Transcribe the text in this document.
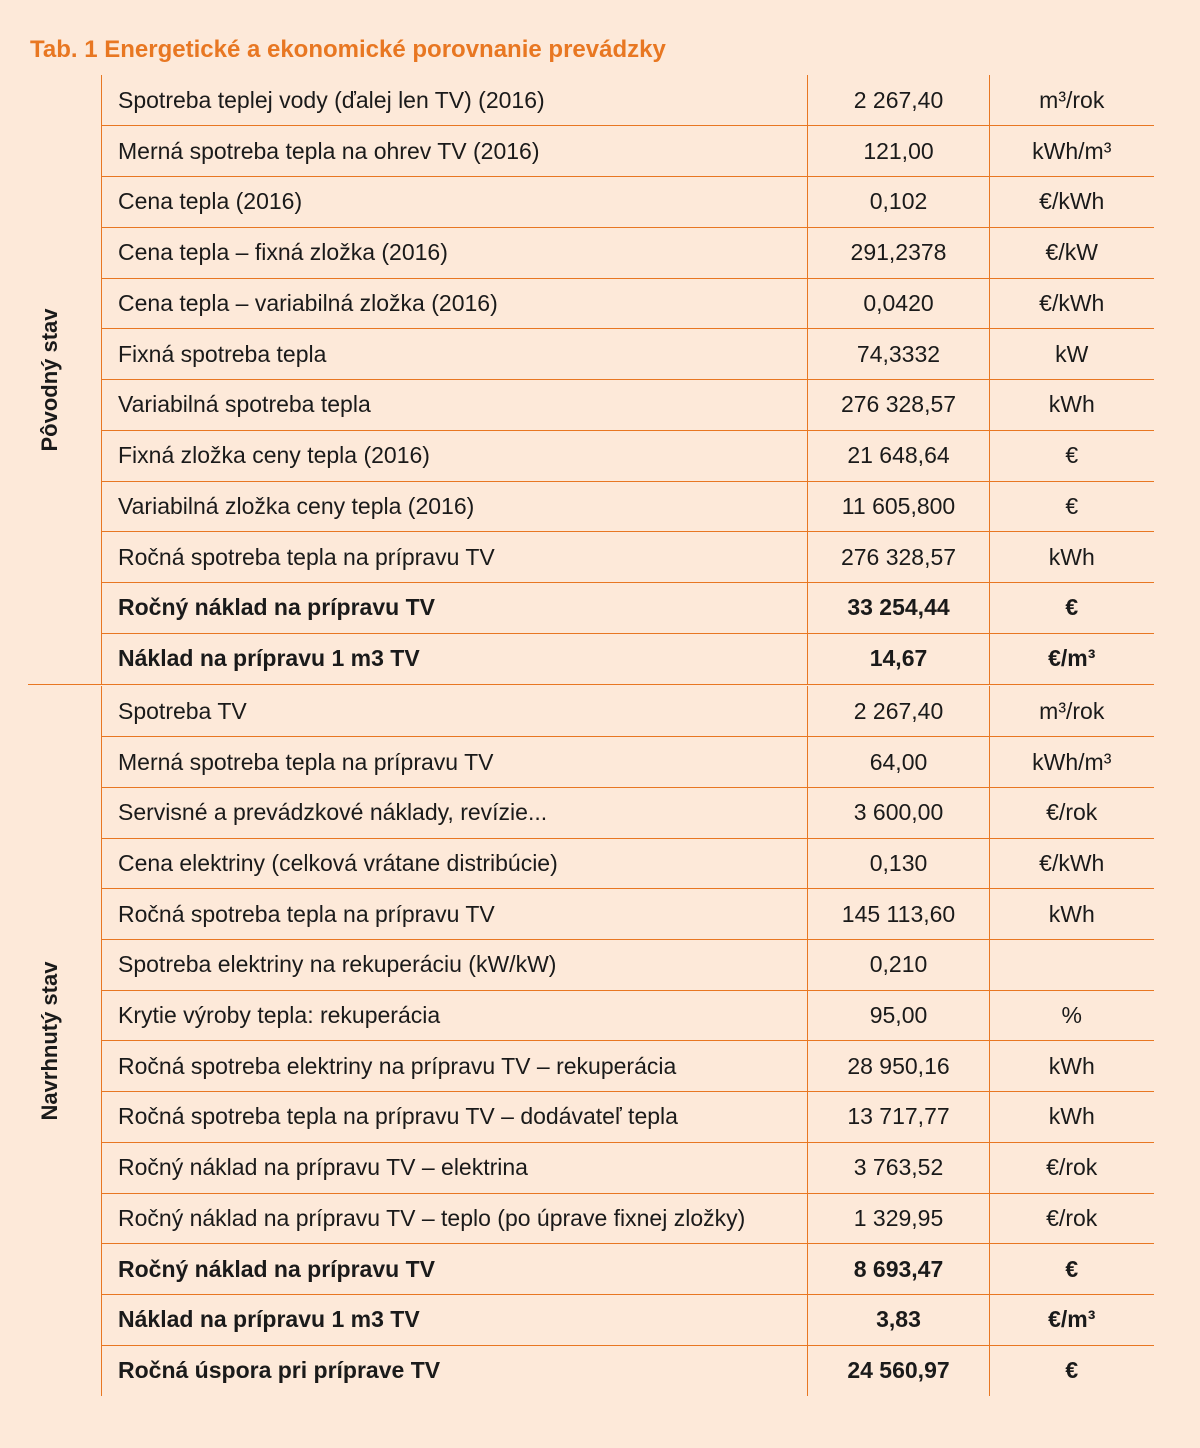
Tab. 1 Energetické a ekonomické porovnanie prevádzky
Pôvodný stav
Spotreba teplej vody (ďalej len TV) (2016)	2 267,40	m³/rok
Merná spotreba tepla na ohrev TV (2016)	121,00	kWh/m³
Cena tepla (2016)	0,102	€/kWh
Cena tepla – fixná zložka (2016)	291,2378	€/kW
Cena tepla – variabilná zložka (2016)	0,0420	€/kWh
Fixná spotreba tepla	74,3332	kW
Variabilná spotreba tepla	276 328,57	kWh
Fixná zložka ceny tepla (2016)	21 648,64	€
Variabilná zložka ceny tepla (2016)	11 605,800	€
Ročná spotreba tepla na prípravu TV	276 328,57	kWh
Ročný náklad na prípravu TV	33 254,44	€
Náklad na prípravu 1 m3 TV	14,67	€/m³
Navrhnutý stav
Spotreba TV	2 267,40	m³/rok
Merná spotreba tepla na prípravu TV	64,00	kWh/m³
Servisné a prevádzkové náklady, revízie...	3 600,00	€/rok
Cena elektriny (celková vrátane distribúcie)	0,130	€/kWh
Ročná spotreba tepla na prípravu TV	145 113,60	kWh
Spotreba elektriny na rekuperáciu (kW/kW)	0,210	
Krytie výroby tepla: rekuperácia	95,00	%
Ročná spotreba elektriny na prípravu TV – rekuperácia	28 950,16	kWh
Ročná spotreba tepla na prípravu TV – dodávateľ tepla	13 717,77	kWh
Ročný náklad na prípravu TV – elektrina	3 763,52	€/rok
Ročný náklad na prípravu TV – teplo (po úprave fixnej zložky)	1 329,95	€/rok
Ročný náklad na prípravu TV	8 693,47	€
Náklad na prípravu 1 m3 TV	3,83	€/m³
Ročná úspora pri príprave TV	24 560,97	€
